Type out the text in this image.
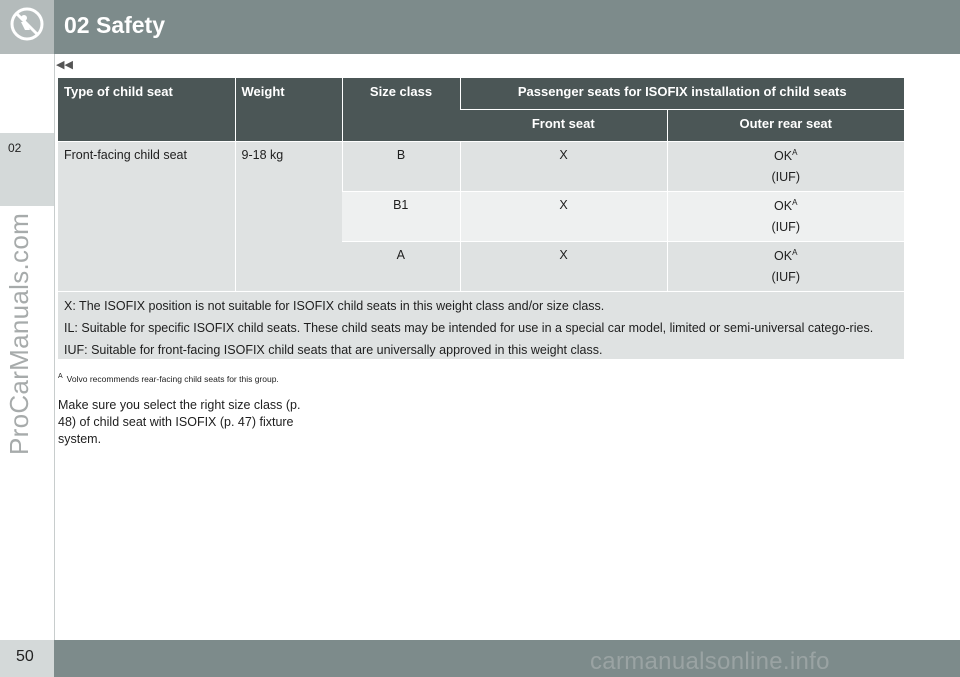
02 Safety
02
ProCarManuals.com
◀◀
Type of child seat	Weight	Size class	Passenger seats for ISOFIX installation of child seats	
			Front seat	Outer rear seat
Front-facing child seat	9-18 kg	B	X	$OK^A$
(IUF)

		B1	X	$OK^A$
(IUF)

		A	X	$OK^A$
(IUF)

X: The ISOFIX position is not suitable for ISOFIX child seats in this weight class and/or size class.

IL: Suitable for specific ISOFIX child seats. These child seats may be intended for use in a special car model, limited or semi-universal catego-ries.

IUF: Suitable for front-facing ISOFIX child seats that are universally approved in this weight class.				

$^A$ Volvo recommends rear-facing child seats for this group.
Make sure you select the right size class (p. 48) of child seat with ISOFIX (p. 47) fixture system.
50	carmanualsonline.info
